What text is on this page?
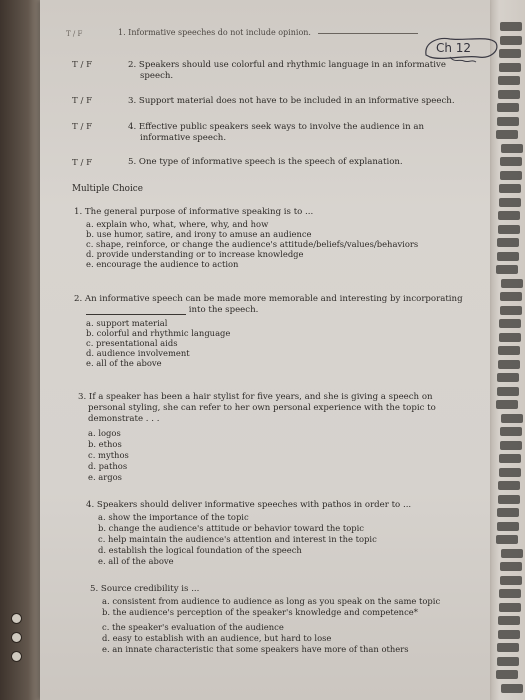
T / F	1. Informative speeches do not include opinion.
Ch 12
T / F	2. Speakers should use colorful and rhythmic language in an informative
speech.
T / F	3. Support material does not have to be included in an informative speech.
T / F	4. Effective public speakers seek ways to involve the audience in an
informative speech.
T / F	5. One type of informative speech is the speech of explanation.
Multiple Choice
1. The general purpose of informative speaking is to ...
a. explain who, what, where, why, and how
b. use humor, satire, and irony to amuse an audience
c. shape, reinforce, or change the audience's attitude/beliefs/values/behaviors
d. provide understanding or to increase knowledge
e. encourage the audience to action
2. An informative speech can be made more memorable and interesting by incorporating
into the speech.
a. support material
b. colorful and rhythmic language
c. presentational aids
d. audience involvement
e. all of the above
3. If a speaker has been a hair stylist for five years, and she is giving a speech on
personal styling, she can refer to her own personal experience with the topic to
demonstrate . . .
a. logos
b. ethos
c. mythos
d. pathos
e. argos
4. Speakers should deliver informative speeches with pathos in order to ...
a. show the importance of the topic
b. change the audience's attitude or behavior toward the topic
c. help maintain the audience's attention and interest in the topic
d. establish the logical foundation of the speech
e. all of the above
5. Source credibility is ...
a. consistent from audience to audience as long as you speak on the same topic
b. the audience's perception of the speaker's knowledge and competence*
c. the speaker's evaluation of the audience
d. easy to establish with an audience, but hard to lose
e. an innate characteristic that some speakers have more of than others
